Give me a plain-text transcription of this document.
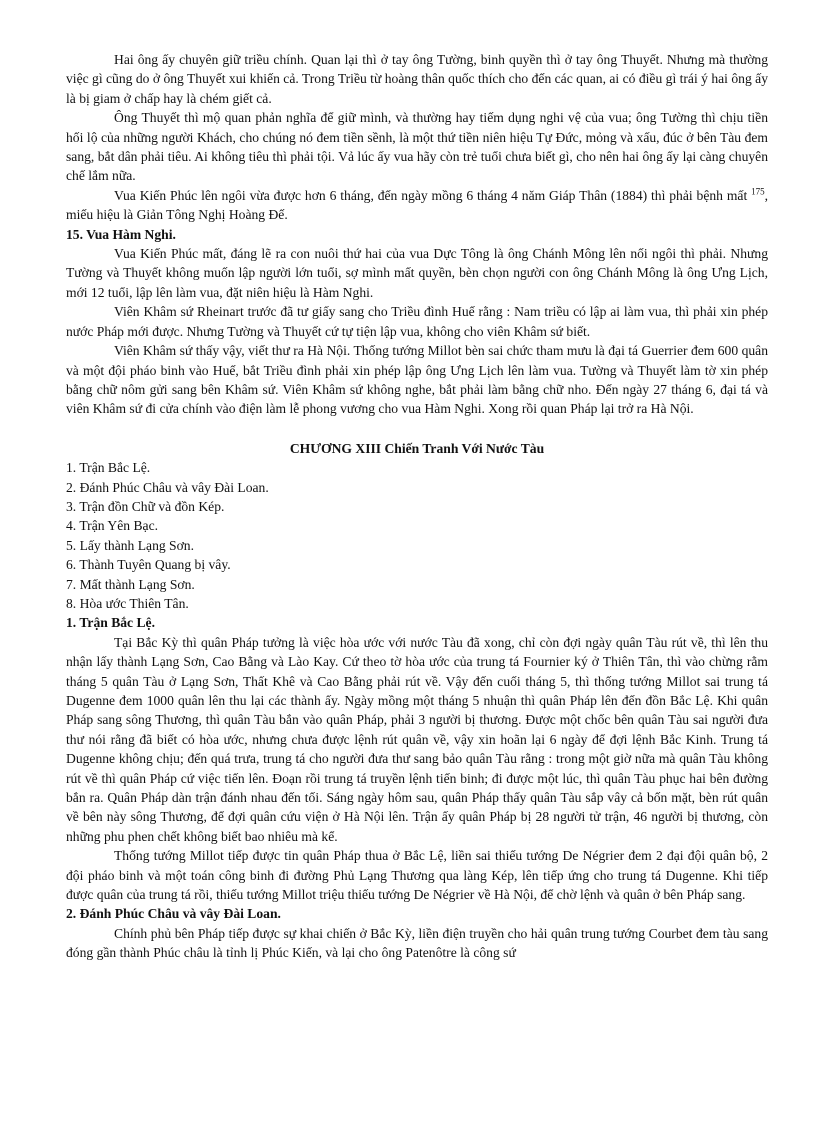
Hai ông ấy chuyên giữ triều chính. Quan lại thì ở tay ông Tường, binh quyền thì ở tay ông Thuyết. Nhưng mà thường việc gì cũng do ở ông Thuyết xui khiến cả. Trong Triều từ hoàng thân quốc thích cho đến các quan, ai có điều gì trái ý hai ông ấy là bị giam ở chấp hay là chém giết cả.

Ông Thuyết thì mộ quan phản nghĩa để giữ mình, và thường hay tiếm dụng nghi vệ của vua; ông Tường thì chịu tiền hối lộ của những người Khách, cho chúng nó đem tiền sềnh, là một thứ tiền niên hiệu Tự Đức, mỏng và xấu, đúc ở bên Tàu đem sang, bắt dân phải tiêu. Ai không tiêu thì phải tội. Vả lúc ấy vua hãy còn trẻ tuổi chưa biết gì, cho nên hai ông ấy lại càng chuyên chế lắm nữa.

Vua Kiến Phúc lên ngôi vừa được hơn 6 tháng, đến ngày mồng 6 tháng 4 năm Giáp Thân (1884) thì phải bệnh mất $^{175}$, miếu hiệu là Giản Tông Nghị Hoàng Đế.

15. Vua Hàm Nghi.

Vua Kiến Phúc mất, đáng lẽ ra con nuôi thứ hai của vua Dực Tông là ông Chánh Mông lên nối ngôi thì phải. Nhưng Tường và Thuyết không muốn lập người lớn tuổi, sợ mình mất quyền, bèn chọn người con ông Chánh Mông là ông Ưng Lịch, mới 12 tuổi, lập lên làm vua, đặt niên hiệu là Hàm Nghi.

Viên Khâm sứ Rheinart trước đã tư giấy sang cho Triều đình Huế rằng : Nam triều có lập ai làm vua, thì phải xin phép nước Pháp mới được. Nhưng Tường và Thuyết cứ tự tiện lập vua, không cho viên Khâm sứ biết.

Viên Khâm sứ thấy vậy, viết thư ra Hà Nội. Thống tướng Millot bèn sai chức tham mưu là đại tá Guerrier đem 600 quân và một đội pháo binh vào Huế, bắt Triều đình phải xin phép lập ông Ưng Lịch lên làm vua. Tường và Thuyết làm tờ xin phép bằng chữ nôm gửi sang bên Khâm sứ. Viên Khâm sứ không nghe, bắt phải làm bằng chữ nho. Đến ngày 27 tháng 6, đại tá và viên Khâm sứ đi cửa chính vào điện làm lễ phong vương cho vua Hàm Nghi. Xong rồi quan Pháp lại trở ra Hà Nội.

CHƯƠNG XIII Chiến Tranh Với Nước Tàu

1. Trận Bắc Lệ.
2. Đánh Phúc Châu và vây Đài Loan.
3. Trận đồn Chữ và đồn Kép.
4. Trận Yên Bạc.
5. Lấy thành Lạng Sơn.
6. Thành Tuyên Quang bị vây.
7. Mất thành Lạng Sơn.
8. Hòa ước Thiên Tân.

1. Trận Bắc Lệ.

Tại Bắc Kỳ thì quân Pháp tưởng là việc hòa ước với nước Tàu đã xong, chỉ còn đợi ngày quân Tàu rút về, thì lên thu nhận lấy thành Lạng Sơn, Cao Bằng và Lào Kay. Cứ theo tờ hòa ước của trung tá Fournier ký ở Thiên Tân, thì vào chừng rằm tháng 5 quân Tàu ở Lạng Sơn, Thất Khê và Cao Bằng phải rút về. Vậy đến cuối tháng 5, thì thống tướng Millot sai trung tá Dugenne đem 1000 quân lên thu lại các thành ấy. Ngày mồng một tháng 5 nhuận thì quân Pháp lên đến đồn Bắc Lệ. Khi quân Pháp sang sông Thương, thì quân Tàu bắn vào quân Pháp, phải 3 người bị thương. Được một chốc bên quân Tàu sai người đưa thư nói rằng đã biết có hòa ước, nhưng chưa được lệnh rút quân về, vậy xin hoãn lại 6 ngày để đợi lệnh Bắc Kinh. Trung tá Dugenne không chịu; đến quá trưa, trung tá cho người đưa thư sang bảo quân Tàu rằng : trong một giờ nữa mà quân Tàu không rút về thì quân Pháp cứ việc tiến lên. Đoạn rồi trung tá truyền lệnh tiến binh; đi được một lúc, thì quân Tàu phục hai bên đường bắn ra. Quân Pháp dàn trận đánh nhau đến tối. Sáng ngày hôm sau, quân Pháp thấy quân Tàu sắp vây cả bốn mặt, bèn rút quân về bên này sông Thương, để đợi quân cứu viện ở Hà Nội lên. Trận ấy quân Pháp bị 28 người tử trận, 46 người bị thương, còn những phu phen chết không biết bao nhiêu mà kể.

Thống tướng Millot tiếp được tin quân Pháp thua ở Bắc Lệ, liền sai thiếu tướng De Négrier đem 2 đại đội quân bộ, 2 đội pháo binh và một toán công binh đi đường Phủ Lạng Thương qua làng Kép, lên tiếp ứng cho trung tá Dugenne. Khi tiếp được quân của trung tá rồi, thiếu tướng Millot triệu thiếu tướng De Négrier về Hà Nội, để chờ lệnh và quân ở bên Pháp sang.

2. Đánh Phúc Châu và vây Đài Loan.

Chính phủ bên Pháp tiếp được sự khai chiến ở Bắc Kỳ, liền điện truyền cho hải quân trung tướng Courbet đem tàu sang đóng gần thành Phúc châu là tỉnh lị Phúc Kiến, và lại cho ông Patenôtre là công sứ
